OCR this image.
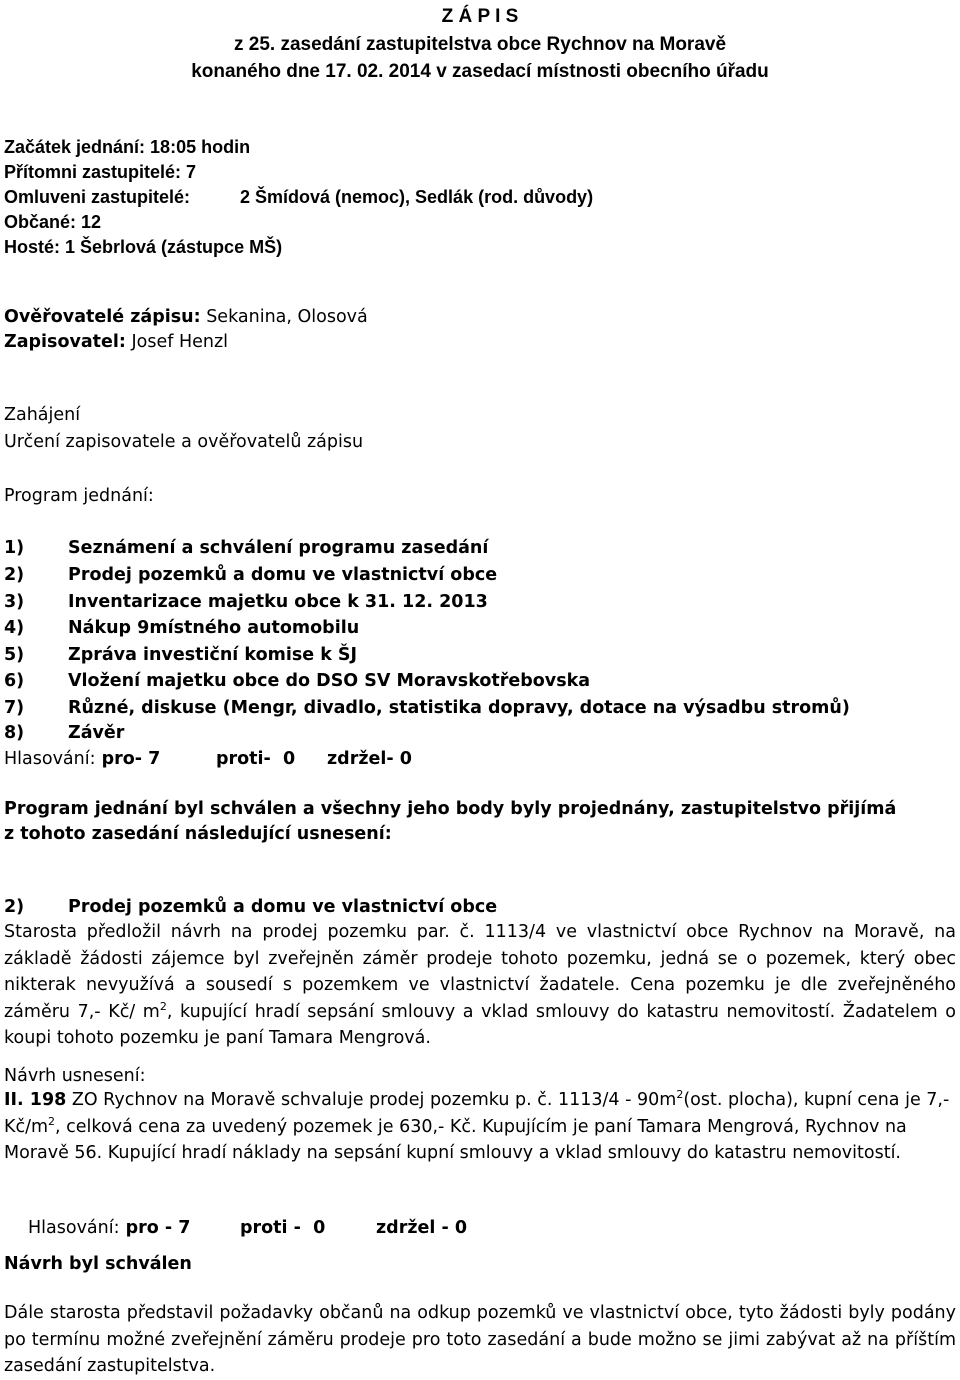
Z Á P I S
z 25. zasedání zastupitelstva obce Rychnov na Moravě
konaného dne 17. 02. 2014 v zasedací místnosti obecního úřadu
Začátek jednání: 18:05 hodin
Přítomni zastupitelé: 7
Omluveni zastupitelé:	2 Šmídová (nemoc), Sedlák (rod. důvody)
Občané: 12
Hosté: 1 Šebrlová (zástupce MŠ)
Ověřovatelé zápisu: Sekanina, Olosová
Zapisovatel: Josef Henzl
Zahájení
Určení zapisovatele a ověřovatelů zápisu
Program jednání:
1)	Seznámení a schválení programu zasedání
2)	Prodej pozemků a domu ve vlastnictví obce
3)	Inventarizace majetku obce k 31. 12. 2013
4)	Nákup 9místného automobilu
5)	Zpráva investiční komise k ŠJ
6)	Vložení majetku obce do DSO SV Moravskotřebovska
7)	Různé, diskuse (Mengr, divadlo, statistika dopravy, dotace na výsadbu stromů)
8)	Závěr
Hlasování: pro- 7	proti-  0 zdržel- 0
Program jednání byl schválen a všechny jeho body byly projednány, zastupitelstvo přijímá
z tohoto zasedání následující usnesení:
2)	Prodej pozemků a domu ve vlastnictví obce
Starosta předložil návrh na prodej pozemku par. č. 1113/4 ve vlastnictví obce Rychnov na Moravě, na základě žádosti zájemce byl zveřejněn záměr prodeje tohoto pozemku, jedná se o pozemek, který obec nikterak nevyužívá a sousedí s pozemkem ve vlastnictví žadatele. Cena pozemku je dle zveřejněného záměru 7,- Kč/ $m^2$, kupující hradí sepsání smlouvy a vklad smlouvy do katastru nemovitostí. Žadatelem o koupi tohoto pozemku je paní Tamara Mengrová.
Návrh usnesení:
II. 198 ZO Rychnov na Moravě schvaluje prodej pozemku p. č. $1113/4 - 90m^2(ost$. plocha), kupní cena je 7,- $Kč/m^2$, celková cena za uvedený pozemek je 630,- Kč. Kupujícím je paní Tamara Mengrová, Rychnov na Moravě 56. Kupující hradí náklady na sepsání kupní smlouvy a vklad smlouvy do katastru nemovitostí.
Hlasování: pro - 7	proti -  0	zdržel - 0
Návrh byl schválen
Dále starosta představil požadavky občanů na odkup pozemků ve vlastnictví obce, tyto žádosti byly podány po termínu možné zveřejnění záměru prodeje pro toto zasedání a bude možno se jimi zabývat až na příštím zasedání zastupitelstva.
